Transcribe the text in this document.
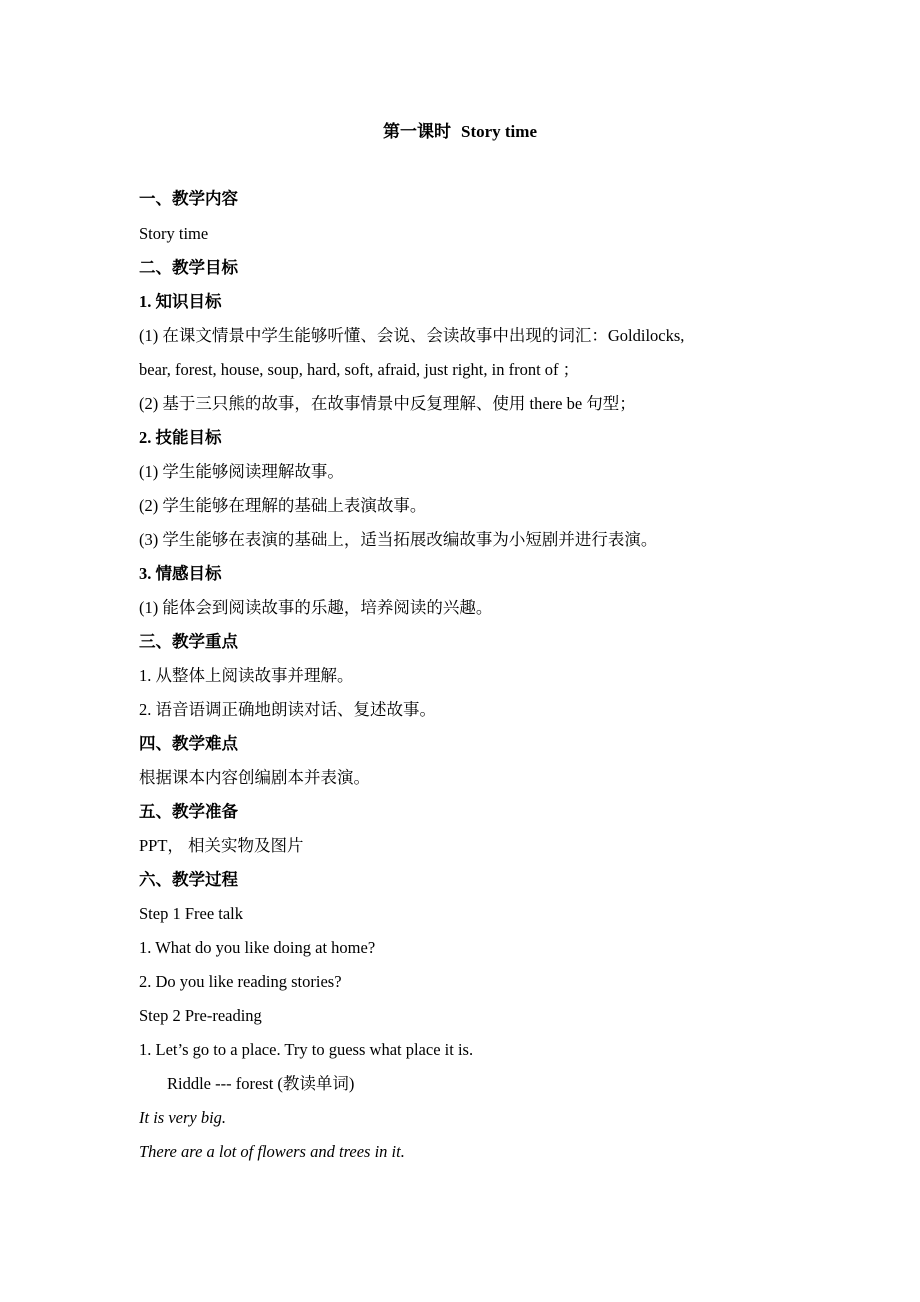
第一课时 Story time
一、教学内容
Story time
二、教学目标
1. 知识目标
(1) 在课文情景中学生能够听懂、会说、会读故事中出现的词汇：Goldilocks,
bear, forest, house, soup, hard, soft, afraid, just right, in front of ；
(2) 基于三只熊的故事，在故事情景中反复理解、使用 there be 句型；
2. 技能目标
(1) 学生能够阅读理解故事。
(2) 学生能够在理解的基础上表演故事。
(3) 学生能够在表演的基础上，适当拓展改编故事为小短剧并进行表演。
3. 情感目标
(1) 能体会到阅读故事的乐趣，培养阅读的兴趣。
三、教学重点
1. 从整体上阅读故事并理解。
2. 语音语调正确地朗读对话、复述故事。
四、教学难点
根据课本内容创编剧本并表演。
五、教学准备
PPT， 相关实物及图片
六、教学过程
Step 1 Free talk
1. What do you like doing at home?
2. Do you like reading stories?
Step 2 Pre-reading
1. Let’s go to a place. Try to guess what place it is.
Riddle --- forest (教读单词)
It is very big.
There are a lot of flowers and trees in it.
